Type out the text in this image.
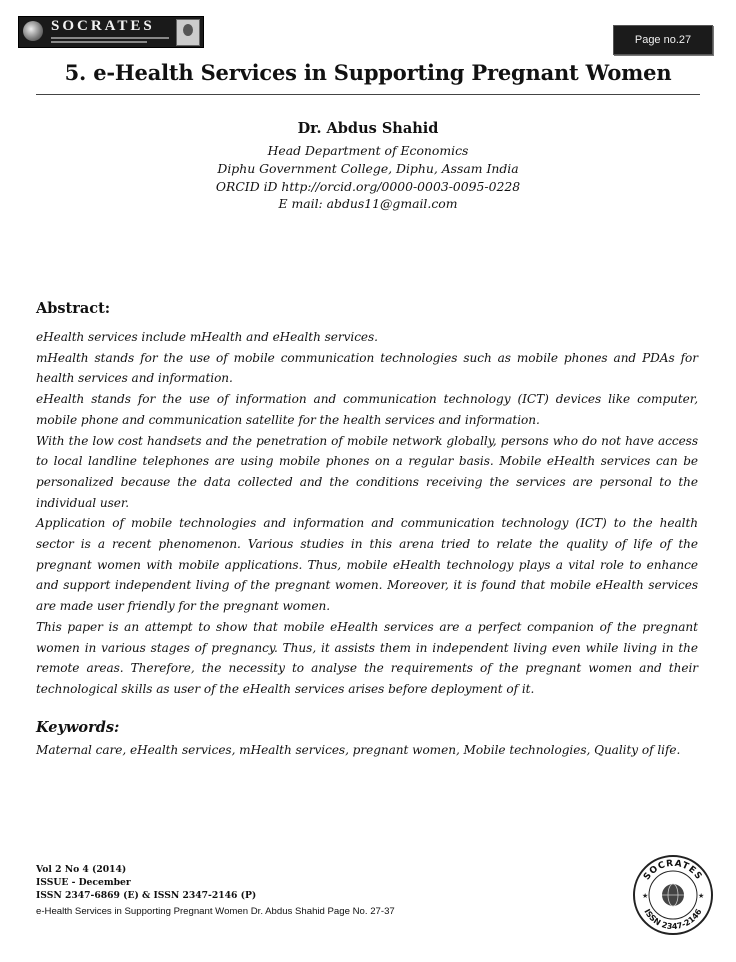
SOCRATES
Page no.27
5. e-Health Services in Supporting Pregnant Women
Dr. Abdus Shahid
Head Department of Economics
Diphu Government College, Diphu, Assam India
ORCID iD http://orcid.org/0000-0003-0095-0228
E mail: abdus11@gmail.com
Abstract:

eHealth services include mHealth and eHealth services.

mHealth stands for the use of mobile communication technologies such as mobile phones and PDAs for health services and information.

eHealth stands for the use of information and communication technology (ICT) devices like computer, mobile phone and communication satellite for the health services and information.

With the low cost handsets and the penetration of mobile network globally, persons who do not have access to local landline telephones are using mobile phones on a regular basis. Mobile eHealth services can be personalized because the data collected and the conditions receiving the services are personal to the individual user.

Application of mobile technologies and information and communication technology (ICT) to the health sector is a recent phenomenon. Various studies in this arena tried to relate the quality of life of the pregnant women with mobile applications. Thus, mobile eHealth technology plays a vital role to enhance and support independent living of the pregnant women. Moreover, it is found that mobile eHealth services are made user friendly for the pregnant women.

This paper is an attempt to show that mobile eHealth services are a perfect companion of the pregnant women in various stages of pregnancy. Thus, it assists them in independent living even while living in the remote areas. Therefore, the necessity to analyse the requirements of the pregnant women and their technological skills as user of the eHealth services arises before deployment of it.

Keywords:
Maternal care, eHealth services, mHealth services, pregnant women, Mobile technologies, Quality of life.
Vol 2 No 4 (2014)
ISSUE - December
ISSN 2347-6869 (E) & ISSN 2347-2146 (P)
e-Health Services in Supporting Pregnant Women Dr. Abdus Shahid Page No. 27-37
SOCRATES
ISSN 2347-2146
★	★
